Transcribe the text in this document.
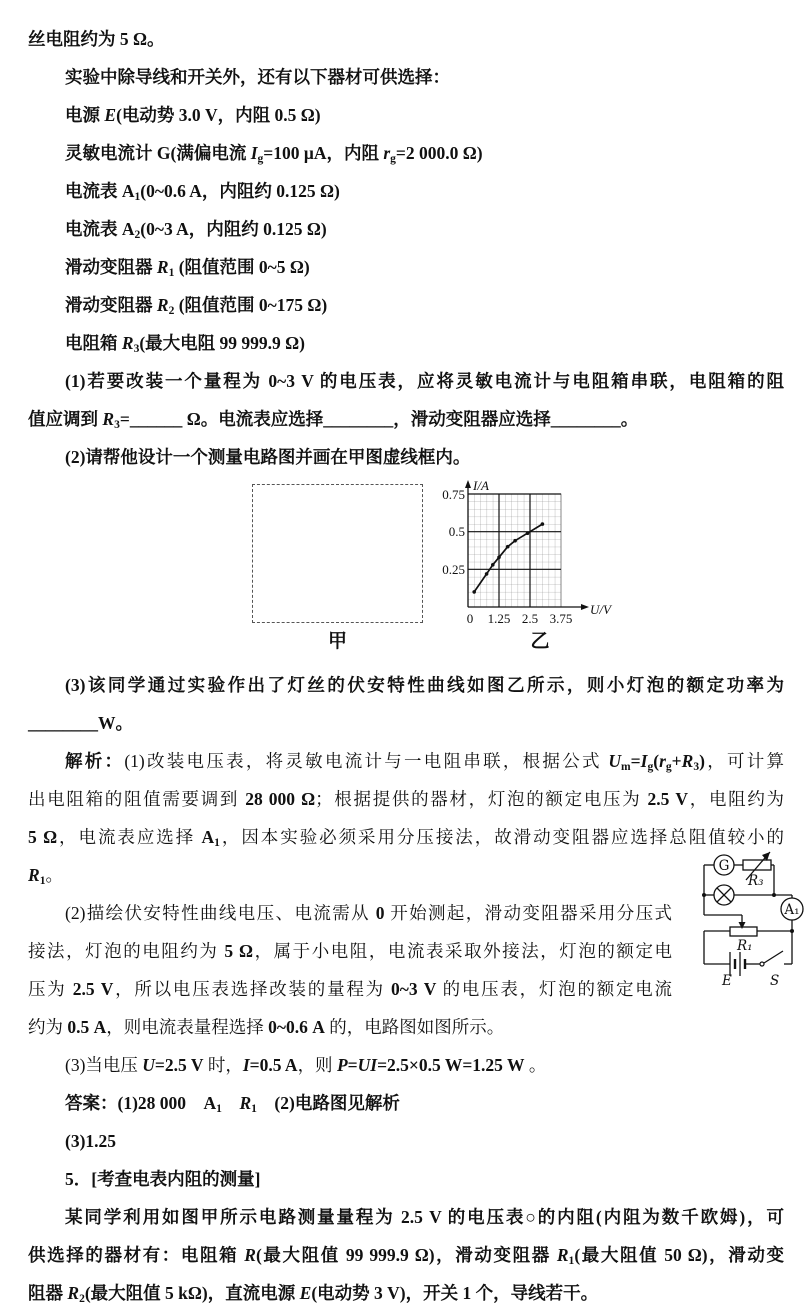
丝电阻约为 5 Ω。
实验中除导线和开关外，还有以下器材可供选择：
电源 E(电动势 3.0 V，内阻 0.5 Ω)
灵敏电流计 G(满偏电流 $I_g=100$ μA，内阻 $r_g=2$ 000.0 Ω)
电流表 $A_1(0\sim 0.6$ A，内阻约 0.125 Ω)
电流表 $A_2(0\sim 3$ A，内阻约 0.125 Ω)
滑动变阻器 $R_1$ (阻值范围 0~5 Ω)
滑动变阻器 $R_2$ (阻值范围 0~175 Ω)
电阻箱 $R_3$(最大电阻 99 999.9 Ω)
(1)若要改装一个量程为 0~3 V 的电压表，应将灵敏电流计与电阻箱串联，电阻箱的阻
值应调到 $R_3=\_\_\_\_\_\_$ Ω。电流表应选择________，滑动变阻器应选择________。
(2)请帮他设计一个测量电路图并画在甲图虚线框内。
0.75
0.5
0.25
0 1.25 2.5 3.75
I/A
U/V
甲	乙
(3)该同学通过实验作出了灯丝的伏安特性曲线如图乙所示，则小灯泡的额定功率为
________W。
解析：(1)改装电压表，将灵敏电流计与一电阻串联，根据公式 $U_m=I_g(r_g+R_3)$，可计算
出电阻箱的阻值需要调到 28 000 Ω；根据提供的器材，灯泡的额定电压为 2.5 V，电阻约为
5 Ω，电流表应选择 $A_1$，因本实验必须采用分压接法，故滑动变阻器应选择总阻值较小的
$R_1$。
(2)描绘伏安特性曲线电压、电流需从 0 开始测起，滑动变阻器采用分压式
接法，灯泡的电阻约为 5 Ω，属于小电阻，电流表采取外接法，灯泡的额定电
压为 2.5 V，所以电压表选择改装的量程为 0~3 V 的电压表，灯泡的额定电流
约为 0.5 A，则电流表量程选择 0~0.6 A 的，电路图如图所示。
(3)当电压 U=2.5 V 时，I=0.5 A，则 P=UI=2.5×0.5 W=1.25 W 。
答案：(1)28 000　$A_1$　 $R_1$　(2)电路图见解析
(3)1.25
5．[考查电表内阻的测量]
某同学利用如图甲所示电路测量量程为 2.5 V 的电压表○的内阻(内阻为数千欧姆)，可
供选择的器材有：电阻箱 R(最大阻值 99 999.9 Ω)，滑动变阻器 $R_1$(最大阻值 50 Ω)，滑动变
阻器 $R_2$(最大阻值 5 kΩ)，直流电源 E(电动势 3 V)，开关 1 个，导线若干。
G
R₃
A₁
R₁
E	S
